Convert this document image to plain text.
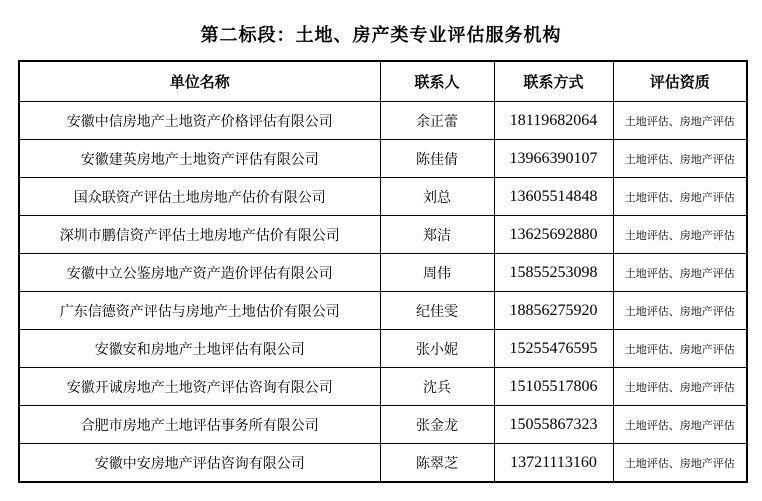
第二标段：土地、房产类专业评估服务机构
单位名称	联系人	联系方式	评估资质
安徽中信房地产土地资产价格评估有限公司	余正蕾	18119682064	土地评估、房地产评估
安徽建英房地产土地资产评估有限公司	陈佳倩	13966390107	土地评估、房地产评估
国众联资产评估土地房地产估价有限公司	刘总	13605514848	土地评估、房地产评估
深圳市鹏信资产评估土地房地产估价有限公司	郑洁	13625692880	土地评估、房地产评估
安徽中立公鉴房地产资产造价评估有限公司	周伟	15855253098	土地评估、房地产评估
广东信德资产评估与房地产土地估价有限公司	纪佳雯	18856275920	土地评估、房地产评估
安徽安和房地产土地评估有限公司	张小妮	15255476595	土地评估、房地产评估
安徽开诚房地产土地资产评估咨询有限公司	沈兵	15105517806	土地评估、房地产评估
合肥市房地产土地评估事务所有限公司	张金龙	15055867323	土地评估、房地产评估
安徽中安房地产评估咨询有限公司	陈翠芝	13721113160	土地评估、房地产评估
